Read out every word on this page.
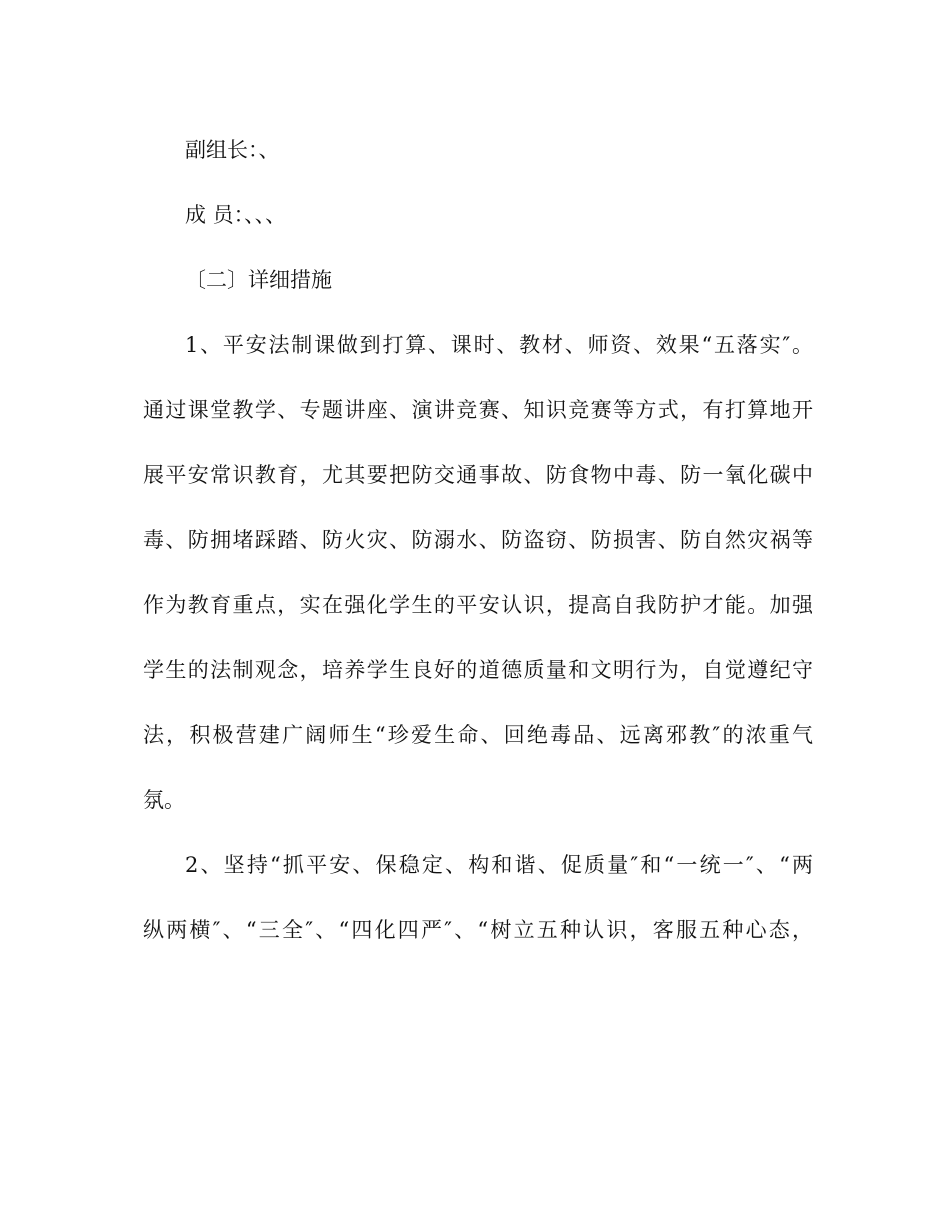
副组长：、

成 员：、、、

〔二〕详细措施

1、平安法制课做到打算、课时、教材、师资、效果“五落实″。

通过课堂教学、专题讲座、演讲竞赛、知识竞赛等方式，有打算地开

展平安常识教育，尤其要把防交通事故、防食物中毒、防一氧化碳中

毒、防拥堵踩踏、防火灾、防溺水、防盗窃、防损害、防自然灾祸等

作为教育重点，实在强化学生的平安认识，提高自我防护才能。加强

学生的法制观念，培养学生良好的道德质量和文明行为，自觉遵纪守

法，积极营建广阔师生“珍爱生命、回绝毒品、远离邪教″的浓重气

氛。

2、坚持“抓平安、保稳定、构和谐、促质量″和“一统一″、“两

纵两横″、“三全″、“四化四严″、“树立五种认识，客服五种心态，
